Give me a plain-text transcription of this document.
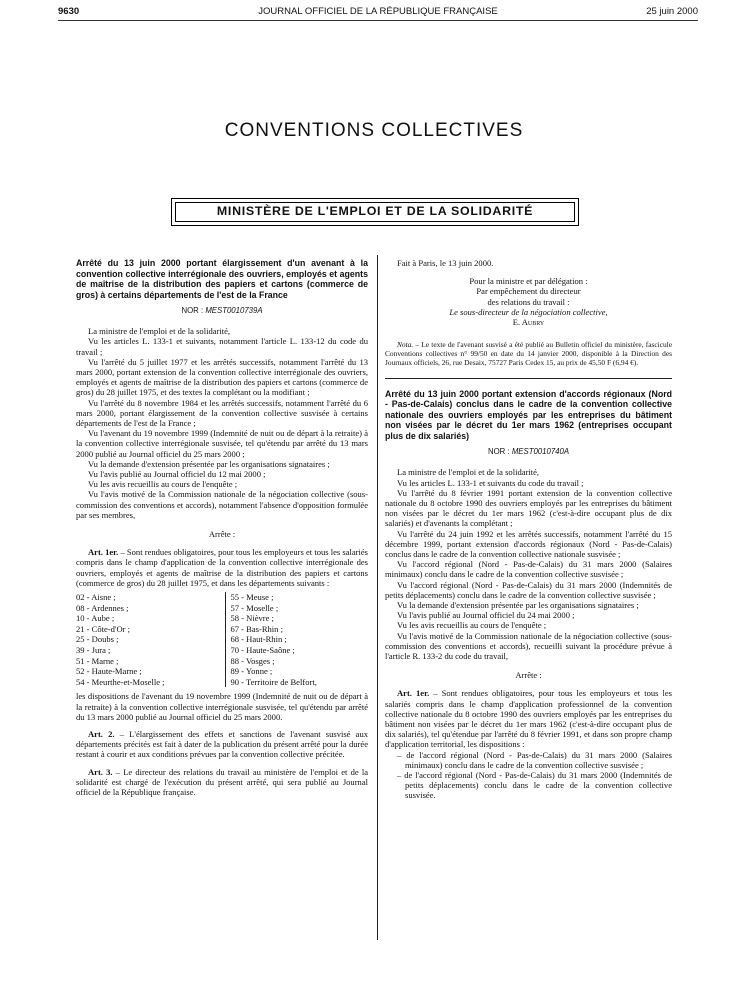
9630	JOURNAL OFFICIEL DE LA RÉPUBLIQUE FRANÇAISE	25 juin 2000
CONVENTIONS COLLECTIVES
MINISTÈRE DE L'EMPLOI ET DE LA SOLIDARITÉ

Arrêté du 13 juin 2000 portant élargissement d'un avenant à la convention collective interrégionale des ouvriers, employés et agents de maîtrise de la distribution des papiers et cartons (commerce de gros) à certains départements de l'est de la France

NOR : MEST0010739A

La ministre de l'emploi et de la solidarité,

Vu les articles L. 133-1 et suivants, notamment l'article L. 133-12 du code du travail ;

Vu l'arrêté du 5 juillet 1977 et les arrêtés successifs, notamment l'arrêté du 13 mars 2000, portant extension de la convention collective interrégionale des ouvriers, employés et agents de maîtrise de la distribution des papiers et cartons (commerce de gros) du 28 juillet 1975, et des textes la complétant ou la modifiant ;

Vu l'arrêté du 8 novembre 1984 et les arrêtés successifs, notamment l'arrêté du 6 mars 2000, portant élargissement de la convention collective susvisée à certains départements de l'est de la France ;

Vu l'avenant du 19 novembre 1999 (Indemnité de nuit ou de départ à la retraite) à la convention collective interrégionale susvisée, tel qu'étendu par arrêté du 13 mars 2000 publié au Journal officiel du 25 mars 2000 ;

Vu la demande d'extension présentée par les organisations signataires ;

Vu l'avis publié au Journal officiel du 12 mai 2000 ;

Vu les avis recueillis au cours de l'enquête ;

Vu l'avis motivé de la Commission nationale de la négociation collective (sous-commission des conventions et accords), notamment l'absence d'opposition formulée par ses membres,

Arrête :

Art. 1er. – Sont rendues obligatoires, pour tous les employeurs et tous les salariés compris dans le champ d'application de la convention collective interrégionale des ouvriers, employés et agents de maîtrise de la distribution des papiers et cartons (commerce de gros) du 28 juillet 1975, et dans les départements suivants :

02 - Aisne ;
08 - Ardennes ;
10 - Aube ;
21 - Côte-d'Or ;
25 - Doubs ;
39 - Jura ;
51 - Marne ;
52 - Haute-Marne ;
54 - Meurthe-et-Moselle ;
55 - Meuse ;
57 - Moselle ;
58 - Nièvre ;
67 - Bas-Rhin ;
68 - Haut-Rhin ;
70 - Haute-Saône ;
88 - Vosges ;
89 - Yonne ;
90 - Territoire de Belfort,

les dispositions de l'avenant du 19 novembre 1999 (Indemnité de nuit ou de départ à la retraite) à la convention collective interrégionale susvisée, tel qu'étendu par arrêté du 13 mars 2000 publié au Journal officiel du 25 mars 2000.

Art. 2. – L'élargissement des effets et sanctions de l'avenant susvisé aux départements précités est fait à dater de la publication du présent arrêté pour la durée restant à courir et aux conditions prévues par la convention collective précitée.

Art. 3. – Le directeur des relations du travail au ministère de l'emploi et de la solidarité est chargé de l'exécution du présent arrêté, qui sera publié au Journal officiel de la République française.

Fait à Paris, le 13 juin 2000.

Pour la ministre et par délégation :

Par empêchement du directeur

des relations du travail :

Le sous-directeur de la négociation collective,

E. Aubry

Nota. – Le texte de l'avenant susvisé a été publié au Bulletin officiel du ministère, fascicule Conventions collectives n° 99/50 en date du 14 janvier 2000, disponible à la Direction des Journaux officiels, 26, rue Desaix, 75727 Paris Cedex 15, au prix de 45,50 F (6,94 €).

Arrêté du 13 juin 2000 portant extension d'accords régionaux (Nord - Pas-de-Calais) conclus dans le cadre de la convention collective nationale des ouvriers employés par les entreprises du bâtiment non visées par le décret du 1er mars 1962 (entreprises occupant plus de dix salariés)

NOR : MEST0010740A

La ministre de l'emploi et de la solidarité,

Vu les articles L. 133-1 et suivants du code du travail ;

Vu l'arrêté du 8 février 1991 portant extension de la convention collective nationale du 8 octobre 1990 des ouvriers employés par les entreprises du bâtiment non visées par le décret du 1er mars 1962 (c'est-à-dire occupant plus de dix salariés) et d'avenants la complétant ;

Vu l'arrêté du 24 juin 1992 et les arrêtés successifs, notamment l'arrêté du 15 décembre 1999, portant extension d'accords régionaux (Nord - Pas-de-Calais) conclus dans le cadre de la convention collective nationale susvisée ;

Vu l'accord régional (Nord - Pas-de-Calais) du 31 mars 2000 (Salaires minimaux) conclu dans le cadre de la convention collective susvisée ;

Vu l'accord régional (Nord - Pas-de-Calais) du 31 mars 2000 (Indemnités de petits déplacements) conclu dans le cadre de la convention collective susvisée ;

Vu la demande d'extension présentée par les organisations signataires ;

Vu l'avis publié au Journal officiel du 24 mai 2000 ;

Vu les avis recueillis au cours de l'enquête ;

Vu l'avis motivé de la Commission nationale de la négociation collective (sous-commission des conventions et accords), recueilli suivant la procédure prévue à l'article R. 133-2 du code du travail,

Arrête :

Art. 1er. – Sont rendues obligatoires, pour tous les employeurs et tous les salariés compris dans le champ d'application professionnel de la convention collective nationale du 8 octobre 1990 des ouvriers employés par les entreprises du bâtiment non visées par le décret du 1er mars 1962 (c'est-à-dire occupant plus de dix salariés), tel qu'étendue par l'arrêté du 8 février 1991, et dans son propre champ d'application territorial, les dispositions :

– de l'accord régional (Nord - Pas-de-Calais) du 31 mars 2000 (Salaires minimaux) conclu dans le cadre de la convention collective susvisée ;
– de l'accord régional (Nord - Pas-de-Calais) du 31 mars 2000 (Indemnités de petits déplacements) conclu dans le cadre de la convention collective susvisée.
